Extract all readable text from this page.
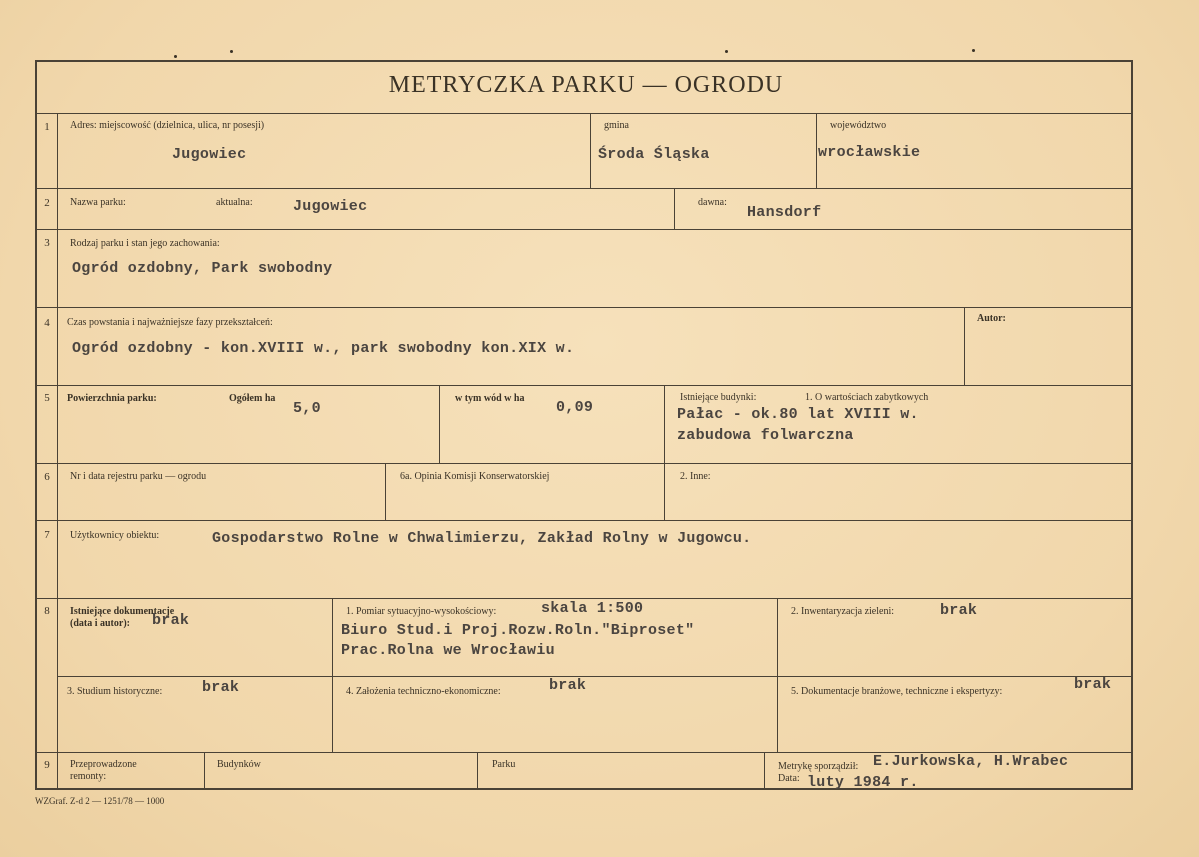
METRYCZKA PARKU — OGRODU
1	Adres: miejscowość (dzielnica, ulica, nr posesji)
Jugowiec
gmina
Środa Śląska
województwo
wrocławskie
2	Nazwa parku:	aktualna:	Jugowiec	dawna:
Hansdorf
3	Rodzaj parku i stan jego zachowania:
Ogród ozdobny, Park swobodny
4	Czas powstania i najważniejsze fazy przekształceń:
Ogród ozdobny - kon.XVIII w., park swobodny kon.XIX w.
Autor:
5	Powierzchnia parku:	Ogółem ha
5,0
w tym wód w ha
0,09
Istniejące budynki:	1. O wartościach zabytkowych
Pałac - ok.80 lat XVIII w.
zabudowa folwarczna
6	Nr i data rejestru parku — ogrodu	6a. Opinia Komisji Konserwatorskiej	2. Inne:
7	Użytkownicy obiektu:	Gospodarstwo Rolne w Chwalimierzu, Zakład Rolny w Jugowcu.
8	Istniejące dokumentacje
(data i autor): brak
1. Pomiar sytuacyjno-wysokościowy:	skala 1:500
Biuro Stud.i Proj.Rozw.Roln."Biproset"
Prac.Rolna we Wrocławiu
2. Inwentaryzacja zieleni:	brak
3. Studium historyczne:	brak	4. Założenia techniczno-ekonomiczne:	brak	5. Dokumentacje branżowe, techniczne i ekspertyzy:	brak
9	Przeprowadzone
remonty:
Budynków	Parku	Metrykę sporządził: E.Jurkowska, H.Wrabec
Data: luty 1984 r.
WZGraf. Z-d 2 — 1251/78 — 1000
